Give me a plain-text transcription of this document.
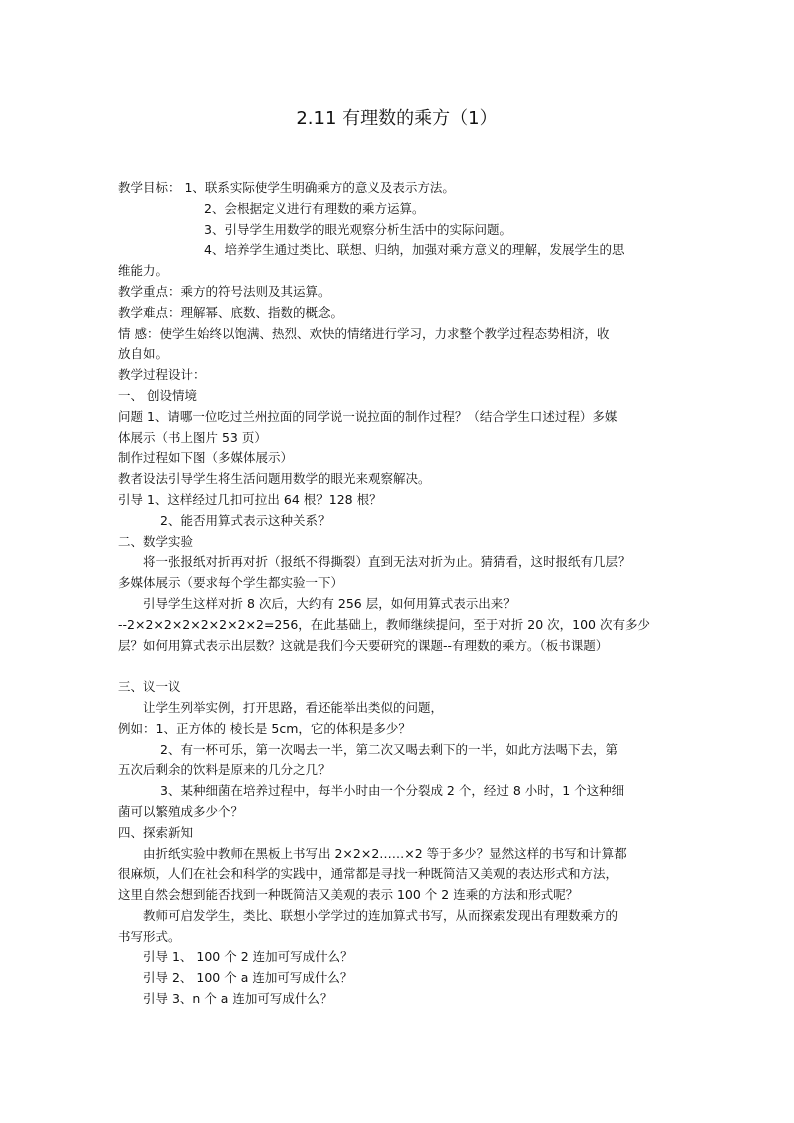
2.11 有理数的乘方（1）
教学目标： 1、联系实际使学生明确乘方的意义及表示方法。
2、会根据定义进行有理数的乘方运算。
3、引导学生用数学的眼光观察分析生活中的实际问题。
4、培养学生通过类比、联想、归纳，加强对乘方意义的理解，发展学生的思
维能力。
教学重点：乘方的符号法则及其运算。
教学难点：理解幂、底数、指数的概念。
情 感：使学生始终以饱满、热烈、欢快的情绪进行学习，力求整个教学过程态势相济，收
放自如。
教学过程设计：
一、 创设情境
问题 1、请哪一位吃过兰州拉面的同学说一说拉面的制作过程？（结合学生口述过程）多媒
体展示（书上图片 53 页）
制作过程如下图（多媒体展示）
教者设法引导学生将生活问题用数学的眼光来观察解决。
引导 1、这样经过几扣可拉出 64 根？128 根？
2、能否用算式表示这种关系？
二、数学实验
将一张报纸对折再对折（报纸不得撕裂）直到无法对折为止。猜猜看，这时报纸有几层？
多媒体展示（要求每个学生都实验一下）
引导学生这样对折 8 次后，大约有 256 层，如何用算式表示出来？
--2×2×2×2×2×2×2×2=256，在此基础上，教师继续提问，至于对折 20 次，100 次有多少
层？如何用算式表示出层数？这就是我们今天要研究的课题--有理数的乘方。（板书课题）
三、议一议
让学生列举实例，打开思路，看还能举出类似的问题，
例如：1、正方体的 棱长是 5cm，它的体积是多少？
2、有一杯可乐，第一次喝去一半，第二次又喝去剩下的一半，如此方法喝下去，第
五次后剩余的饮料是原来的几分之几？
3、某种细菌在培养过程中，每半小时由一个分裂成 2 个，经过 8 小时，1 个这种细
菌可以繁殖成多少个？
四、探索新知
由折纸实验中教师在黑板上书写出 2×2×2……×2 等于多少？显然这样的书写和计算都
很麻烦，人们在社会和科学的实践中，通常都是寻找一种既简洁又美观的表达形式和方法，
这里自然会想到能否找到一种既简洁又美观的表示 100 个 2 连乘的方法和形式呢？
教师可启发学生，类比、联想小学学过的连加算式书写，从而探索发现出有理数乘方的
书写形式。
引导 1、 100 个 2 连加可写成什么？
引导 2、 100 个 a 连加可写成什么？
引导 3、n 个 a 连加可写成什么？
